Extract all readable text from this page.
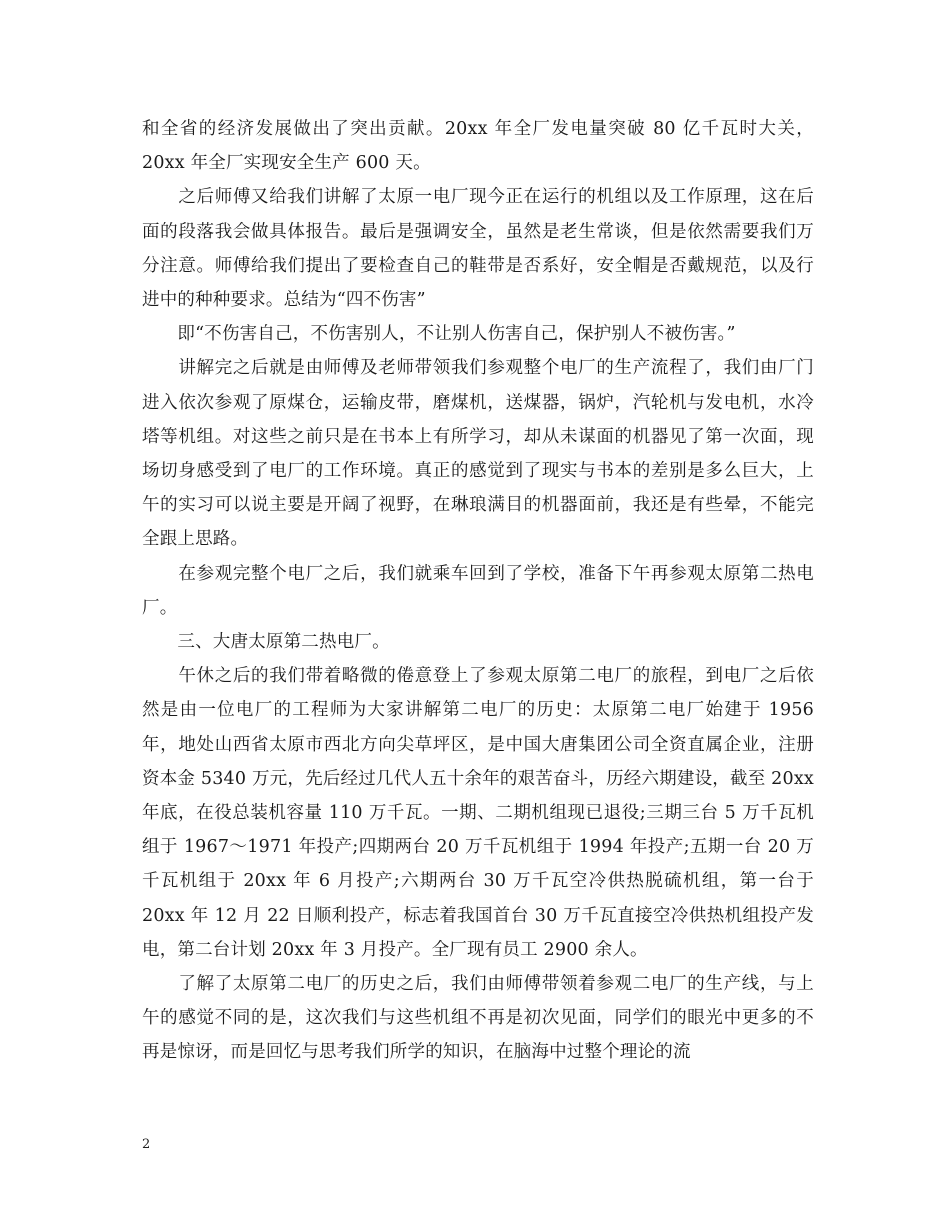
和全省的经济发展做出了突出贡献。20xx 年全厂发电量突破 80 亿千瓦时大关，20xx 年全厂实现安全生产 600 天。

　　之后师傅又给我们讲解了太原一电厂现今正在运行的机组以及工作原理，这在后面的段落我会做具体报告。最后是强调安全，虽然是老生常谈，但是依然需要我们万分注意。师傅给我们提出了要检查自己的鞋带是否系好，安全帽是否戴规范，以及行进中的种种要求。总结为“四不伤害”

　　即“不伤害自己，不伤害别人，不让别人伤害自己，保护别人不被伤害。”

　　讲解完之后就是由师傅及老师带领我们参观整个电厂的生产流程了，我们由厂门进入依次参观了原煤仓，运输皮带，磨煤机，送煤器，锅炉，汽轮机与发电机，水冷塔等机组。对这些之前只是在书本上有所学习，却从未谋面的机器见了第一次面，现场切身感受到了电厂的工作环境。真正的感觉到了现实与书本的差别是多么巨大，上午的实习可以说主要是开阔了视野，在琳琅满目的机器面前，我还是有些晕，不能完全跟上思路。

　　在参观完整个电厂之后，我们就乘车回到了学校，准备下午再参观太原第二热电厂。

　　三、大唐太原第二热电厂。

　　午休之后的我们带着略微的倦意登上了参观太原第二电厂的旅程，到电厂之后依然是由一位电厂的工程师为大家讲解第二电厂的历史：太原第二电厂始建于 1956 年，地处山西省太原市西北方向尖草坪区，是中国大唐集团公司全资直属企业，注册资本金 5340 万元，先后经过几代人五十余年的艰苦奋斗，历经六期建设，截至 20xx 年底，在役总装机容量 110 万千瓦。一期、二期机组现已退役;三期三台 5 万千瓦机组于 1967～1971 年投产;四期两台 20 万千瓦机组于 1994 年投产;五期一台 20 万千瓦机组于 20xx 年 6 月投产;六期两台 30 万千瓦空冷供热脱硫机组，第一台于 20xx 年 12 月 22 日顺利投产，标志着我国首台 30 万千瓦直接空冷供热机组投产发电，第二台计划 20xx 年 3 月投产。全厂现有员工 2900 余人。

　　了解了太原第二电厂的历史之后，我们由师傅带领着参观二电厂的生产线，与上午的感觉不同的是，这次我们与这些机组不再是初次见面，同学们的眼光中更多的不再是惊讶，而是回忆与思考我们所学的知识，在脑海中过整个理论的流

2
